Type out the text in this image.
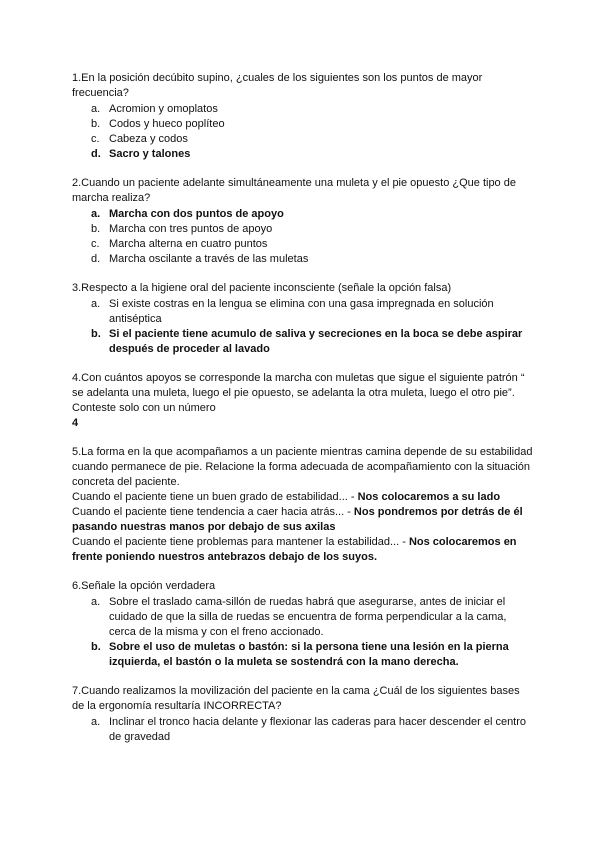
1.En la posición decúbito supino, ¿cuales de los siguientes son los puntos de mayor frecuencia?

a. Acromion y omoplatos
b. Codos y hueco poplíteo
c. Cabeza y codos
d. Sacro y talones

2.Cuando un paciente adelante simultáneamente una muleta y el pie opuesto ¿Que tipo de marcha realiza?

a. Marcha con dos puntos de apoyo
b. Marcha con tres puntos de apoyo
c. Marcha alterna en cuatro puntos
d. Marcha oscilante a través de las muletas

3.Respecto a la higiene oral del paciente inconsciente (señale la opción falsa)

a. Si existe costras en la lengua se elimina con una gasa impregnada en solución antiséptica
b. Si el paciente tiene acumulo de saliva y secreciones en la boca se debe aspirar después de proceder al lavado

4.Con cuántos apoyos se corresponde la marcha con muletas que sigue el siguiente patrón “ se adelanta una muleta, luego el pie opuesto, se adelanta la otra muleta, luego el otro pie”. Conteste solo con un número

4

5.La forma en la que acompañamos a un paciente mientras camina depende de su estabilidad cuando permanece de pie. Relacione la forma adecuada de acompañamiento con la situación concreta del paciente.

Cuando el paciente tiene un buen grado de estabilidad... - Nos colocaremos a su lado

Cuando el paciente tiene tendencia a caer hacia atrás... - Nos pondremos por detrás de él pasando nuestras manos por debajo de sus axilas

Cuando el paciente tiene problemas para mantener la estabilidad... - Nos colocaremos en frente poniendo nuestros antebrazos debajo de los suyos.

6.Señale la opción verdadera

a. Sobre el traslado cama-sillón de ruedas habrá que asegurarse, antes de iniciar el cuidado de que la silla de ruedas se encuentra de forma perpendicular a la cama, cerca de la misma y con el freno accionado.
b. Sobre el uso de muletas o bastón: si la persona tiene una lesión en la pierna izquierda, el bastón o la muleta se sostendrá con la mano derecha.

7.Cuando realizamos la movilización del paciente en la cama ¿Cuál de los siguientes bases de la ergonomía resultaría INCORRECTA?

a. Inclinar el tronco hacia delante y flexionar las caderas para hacer descender el centro de gravedad
